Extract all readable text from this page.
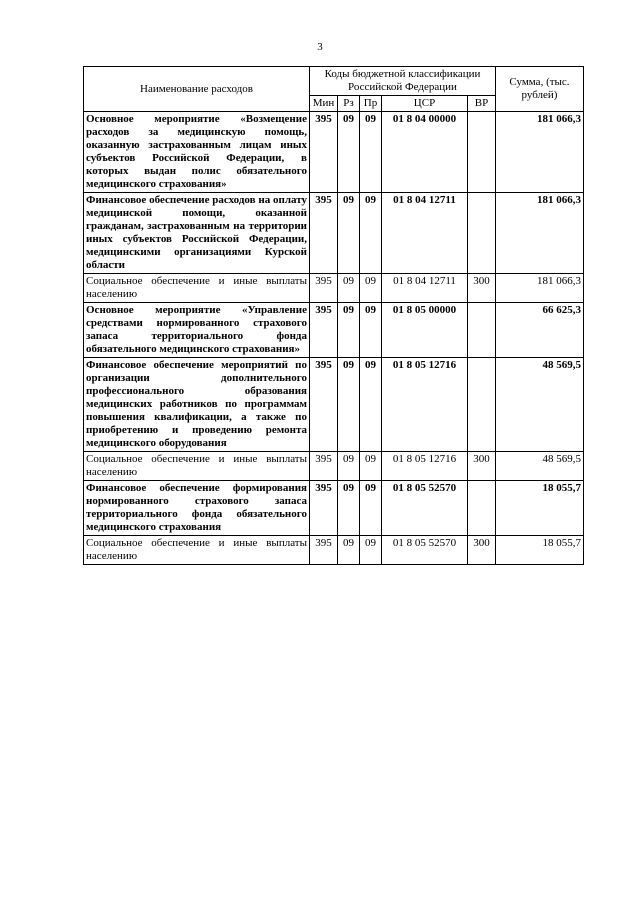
3
Наименование расходов	Коды бюджетной классификации Российской Федерации					Сумма, (тыс. рублей)
	Мин	Рз	Пр	ЦСР	ВР	
Основное мероприятие «Возмещение расходов за медицинскую помощь, оказанную застрахованным лицам иных субъектов Российской Федерации, в которых выдан полис обязательного медицинского страхования»	395	09	09	01 8 04 00000		181 066,3
Финансовое обеспечение расходов на оплату медицинской помощи, оказанной гражданам, застрахованным на территории иных субъектов Российской Федерации, медицинскими организациями Курской области	395	09	09	01 8 04 12711		181 066,3
Социальное обеспечение и иные выплаты населению	395	09	09	01 8 04 12711	300	181 066,3
Основное мероприятие «Управление средствами нормированного страхового запаса территориального фонда обязательного медицинского страхования»	395	09	09	01 8 05 00000		66 625,3
Финансовое обеспечение мероприятий по организации дополнительного профессионального образования медицинских работников по программам повышения квалификации, а также по приобретению и проведению ремонта медицинского оборудования	395	09	09	01 8 05 12716		48 569,5
Социальное обеспечение и иные выплаты населению	395	09	09	01 8 05 12716	300	48 569,5
Финансовое обеспечение формирования нормированного страхового запаса территориального фонда обязательного медицинского страхования	395	09	09	01 8 05 52570		18 055,7
Социальное обеспечение и иные выплаты населению	395	09	09	01 8 05 52570	300	18 055,7
